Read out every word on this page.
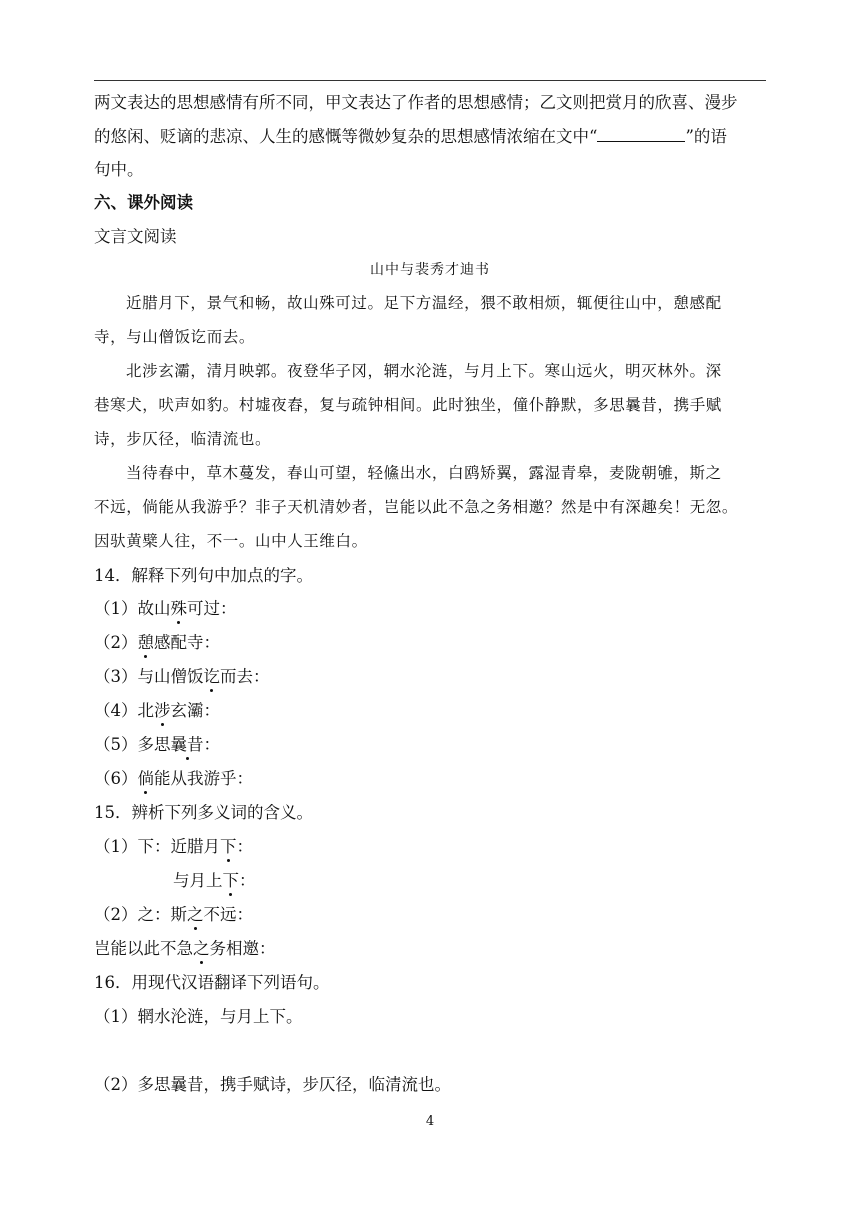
两文表达的思想感情有所不同，甲文表达了作者的思想感情；乙文则把赏月的欣喜、漫步
的悠闲、贬谪的悲凉、人生的感慨等微妙复杂的思想感情浓缩在文中“	”的语
句中。
六、课外阅读
文言文阅读
山中与裴秀才迪书
近腊月下，景气和畅，故山殊可过。足下方温经，猥不敢相烦，辄便往山中，憩感配
寺，与山僧饭讫而去。
北涉玄灞，清月映郭。夜登华子冈，辋水沦涟，与月上下。寒山远火，明灭林外。深
巷寒犬，吠声如豹。村墟夜舂，复与疏钟相间。此时独坐，僮仆静默，多思曩昔，携手赋
诗，步仄径，临清流也。
当待春中，草木蔓发，春山可望，轻鯈出水，白鸥矫翼，露湿青皋，麦陇朝雊，斯之
不远，倘能从我游乎？非子天机清妙者，岂能以此不急之务相邀？然是中有深趣矣！无忽。
因驮黄檗人往，不一。山中人王维白。
14．解释下列句中加点的字。
（1）故山殊可过：
（2）憩感配寺：
（3）与山僧饭讫而去：
（4）北涉玄灞：
（5）多思曩昔：
（6）倘能从我游乎：
15．辨析下列多义词的含义。
（1）下：近腊月下：
与月上下：
（2）之：斯之不远：
岂能以此不急之务相邀：
16．用现代汉语翻译下列语句。
（1）辋水沦涟，与月上下。
（2）多思曩昔，携手赋诗，步仄径，临清流也。
4
